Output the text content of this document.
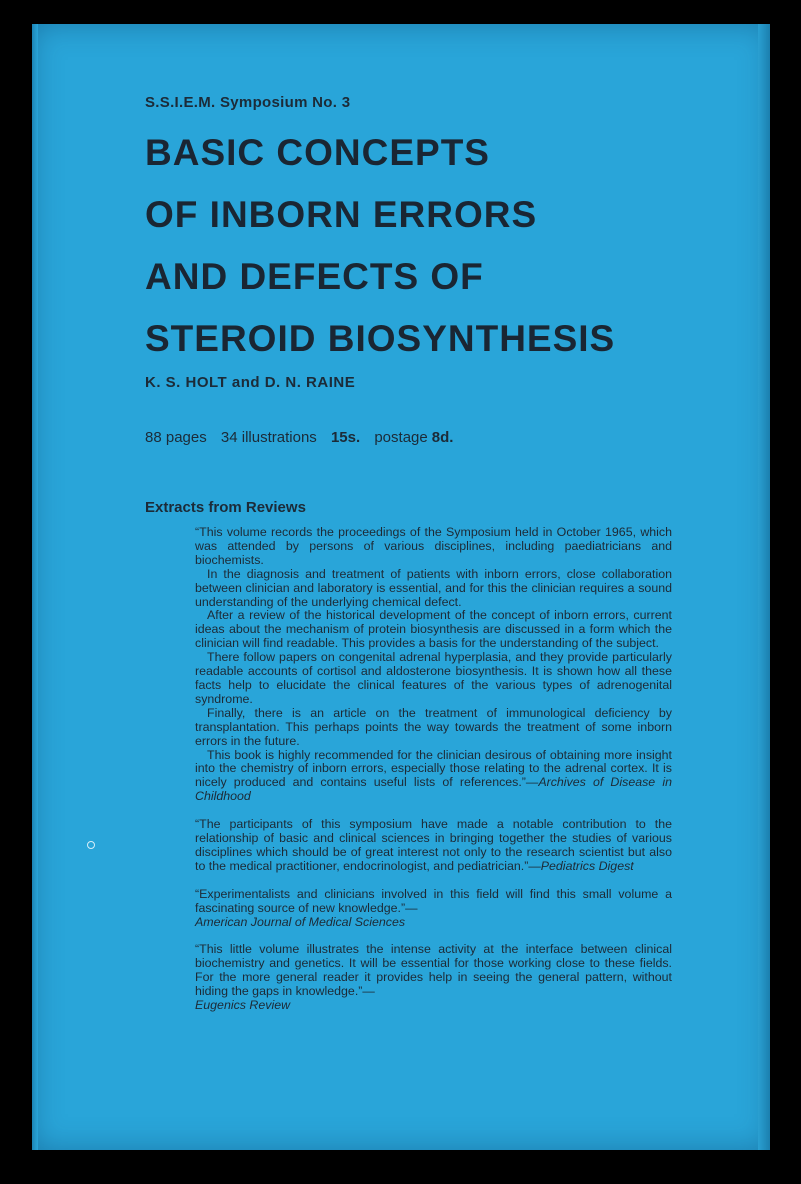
S.S.I.E.M. Symposium No. 3
BASIC CONCEPTS
OF INBORN ERRORS
AND DEFECTS OF
STEROID BIOSYNTHESIS
K. S. HOLT and D. N. RAINE
88 pages 34 illustrations 15s. postage 8d.
Extracts from Reviews

“This volume records the proceedings of the Symposium held in October 1965, which was attended by persons of various disciplines, including paediatricians and biochemists.

In the diagnosis and treatment of patients with inborn errors, close collaboration between clinician and laboratory is essential, and for this the clinician requires a sound understanding of the underlying chemical defect.

After a review of the historical development of the concept of inborn errors, current ideas about the mechanism of protein biosynthesis are discussed in a form which the clinician will find readable. This provides a basis for the understanding of the subject.

There follow papers on congenital adrenal hyperplasia, and they provide particularly readable accounts of cortisol and aldosterone biosynthesis. It is shown how all these facts help to elucidate the clinical features of the various types of adrenogenital syndrome.

Finally, there is an article on the treatment of immunological deficiency by transplantation. This perhaps points the way towards the treatment of some inborn errors in the future.

This book is highly recommended for the clinician desirous of obtaining more insight into the chemistry of inborn errors, especially those relating to the adrenal cortex. It is nicely produced and contains useful lists of references.”—Archives of Disease in Childhood

“The participants of this symposium have made a notable contribution to the relationship of basic and clinical sciences in bringing together the studies of various disciplines which should be of great interest not only to the research scientist but also to the medical practitioner, endocrinologist, and pediatrician.”—Pediatrics Digest

“Experimentalists and clinicians involved in this field will find this small volume a fascinating source of new knowledge.”—

American Journal of Medical Sciences

“This little volume illustrates the intense activity at the interface between clinical biochemistry and genetics. It will be essential for those working close to these fields. For the more general reader it provides help in seeing the general pattern, without hiding the gaps in knowledge.”—

Eugenics Review
